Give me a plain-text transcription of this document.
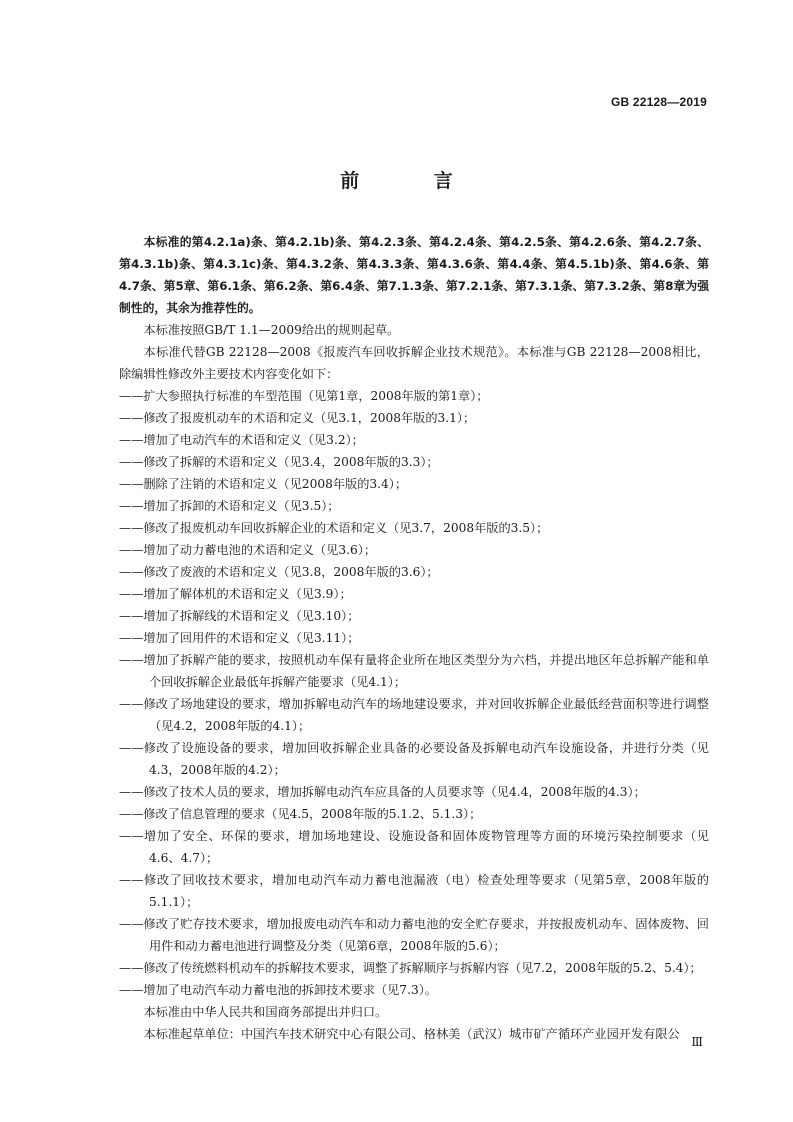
GB 22128—2019
前 言

本标准的第4.2.1a)条、第4.2.1b)条、第4.2.3条、第4.2.4条、第4.2.5条、第4.2.6条、第4.2.7条、第4.3.1b)条、第4.3.1c)条、第4.3.2条、第4.3.3条、第4.3.6条、第4.4条、第4.5.1b)条、第4.6条、第4.7条、第5章、第6.1条、第6.2条、第6.4条、第7.1.3条、第7.2.1条、第7.3.1条、第7.3.2条、第8章为强制性的，其余为推荐性的。

本标准按照GB/T 1.1—2009给出的规则起草。

本标准代替GB 22128—2008《报废汽车回收拆解企业技术规范》。本标准与GB 22128—2008相比，除编辑性修改外主要技术内容变化如下：

——扩大参照执行标准的车型范围（见第1章，2008年版的第1章）；

——修改了报废机动车的术语和定义（见3.1，2008年版的3.1）；

——增加了电动汽车的术语和定义（见3.2）；

——修改了拆解的术语和定义（见3.4，2008年版的3.3）；

——删除了注销的术语和定义（见2008年版的3.4）；

——增加了拆卸的术语和定义（见3.5）；

——修改了报废机动车回收拆解企业的术语和定义（见3.7，2008年版的3.5）；

——增加了动力蓄电池的术语和定义（见3.6）；

——修改了废液的术语和定义（见3.8，2008年版的3.6）；

——增加了解体机的术语和定义（见3.9）；

——增加了拆解线的术语和定义（见3.10）；

——增加了回用件的术语和定义（见3.11）；

——增加了拆解产能的要求，按照机动车保有量将企业所在地区类型分为六档，并提出地区年总拆解产能和单个回收拆解企业最低年拆解产能要求（见4.1）；

——修改了场地建设的要求，增加拆解电动汽车的场地建设要求，并对回收拆解企业最低经营面积等进行调整（见4.2，2008年版的4.1）；

——修改了设施设备的要求，增加回收拆解企业具备的必要设备及拆解电动汽车设施设备，并进行分类（见4.3，2008年版的4.2）；

——修改了技术人员的要求，增加拆解电动汽车应具备的人员要求等（见4.4，2008年版的4.3）；

——修改了信息管理的要求（见4.5，2008年版的5.1.2、5.1.3）；

——增加了安全、环保的要求，增加场地建设、设施设备和固体废物管理等方面的环境污染控制要求（见4.6、4.7）；

——修改了回收技术要求，增加电动汽车动力蓄电池漏液（电）检查处理等要求（见第5章，2008年版的5.1.1）；

——修改了贮存技术要求，增加报废电动汽车和动力蓄电池的安全贮存要求，并按报废机动车、固体废物、回用件和动力蓄电池进行调整及分类（见第6章，2008年版的5.6）；

——修改了传统燃料机动车的拆解技术要求，调整了拆解顺序与拆解内容（见7.2，2008年版的5.2、5.4）；

——增加了电动汽车动力蓄电池的拆卸技术要求（见7.3）。

本标准由中华人民共和国商务部提出并归口。

本标准起草单位：中国汽车技术研究中心有限公司、格林美（武汉）城市矿产循环产业园开发有限公

Ⅲ
